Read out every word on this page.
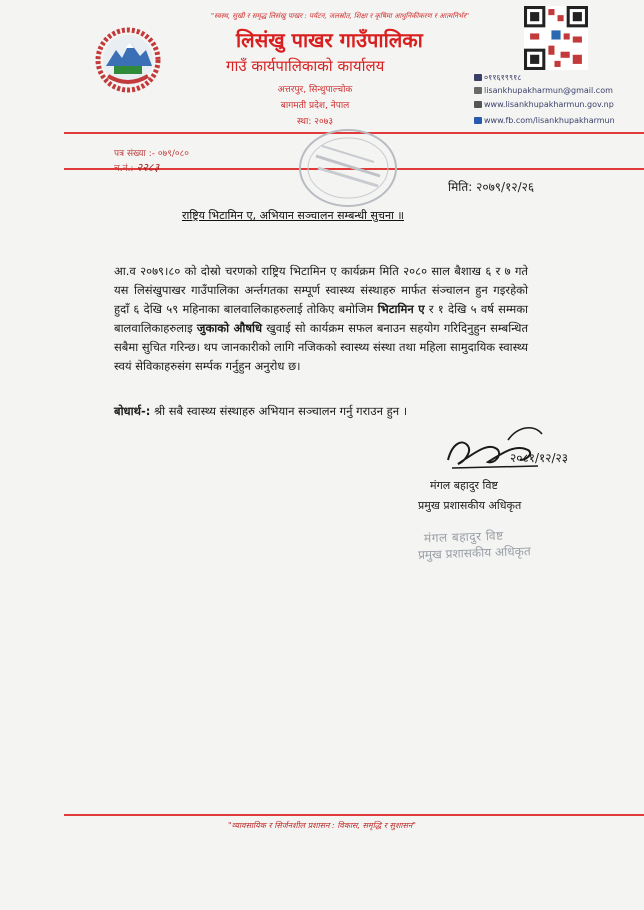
"स्वस्थ, सुखी र समृद्ध लिसंखु पाखर : पर्यटन, जलस्रोत, शिक्षा र कृषिमा आधुनिकीकरण र आत्मनिर्भर"
लिसंखु पाखर गाउँपालिका
गाउँ कार्यपालिकाको कार्यालय
अत्तरपुर, सिन्धुपाल्चोक
बागमती प्रदेश, नेपाल
स्था: २०७३
०११६१९९१८
lisankhupakharmun@gmail.com
www.lisankhupakharmun.gov.np
www.fb.com/lisankhupakharmun
पत्र संख्या :- ०७९/०८०
च.नं.: २२८३
मिति: २०७९/१२/२६
राष्ट्रिय भिटामिन ए, अभियान सञ्चालन सम्बन्धी सुचना ॥
आ.व २०७९।८० को दोस्रो चरणको राष्ट्रिय भिटामिन ए कार्यक्रम मिति २०८० साल बैशाख ६ र ७ गते यस लिसंखुपाखर गाउँपालिका अर्न्तगतका सम्पूर्ण स्वास्थ्य संस्थाहरु मार्फत संञ्चालन हुन गइरहेको हुदाँ ६ देखि ५९ महिनाका बालवालिकाहरुलाई तोकिए बमोजिम भिटामिन ए र १ देखि ५ वर्ष सम्मका बालवालिकाहरुलाइ जुकाको औषधि खुवाई सो कार्यक्रम सफल बनाउन सहयोग गरिदिनुहुन सम्बन्धित सबैमा सुचित गरिन्छ। थप जानकारीको लागि नजिकको स्वास्थ्य संस्था तथा महिला सामुदायिक स्वास्थ्य स्वयं सेविकाहरुसंग सर्म्पक गर्नुहुन अनुरोध छ।
बोधार्थ-: श्री सबै स्वास्थ्य संस्थाहरु अभियान सञ्चालन गर्नु गराउन हुन ।
२०८१/१२/२३
मंगल बहादुर विष्ट
प्रमुख प्रशासकीय अधिकृत
मंगल बहादुर विष्ट
प्रमुख प्रशासकीय अधिकृत
"व्यावसायिक र सिर्जनशील प्रशासन : विकास, समृद्धि र सुशासन"
